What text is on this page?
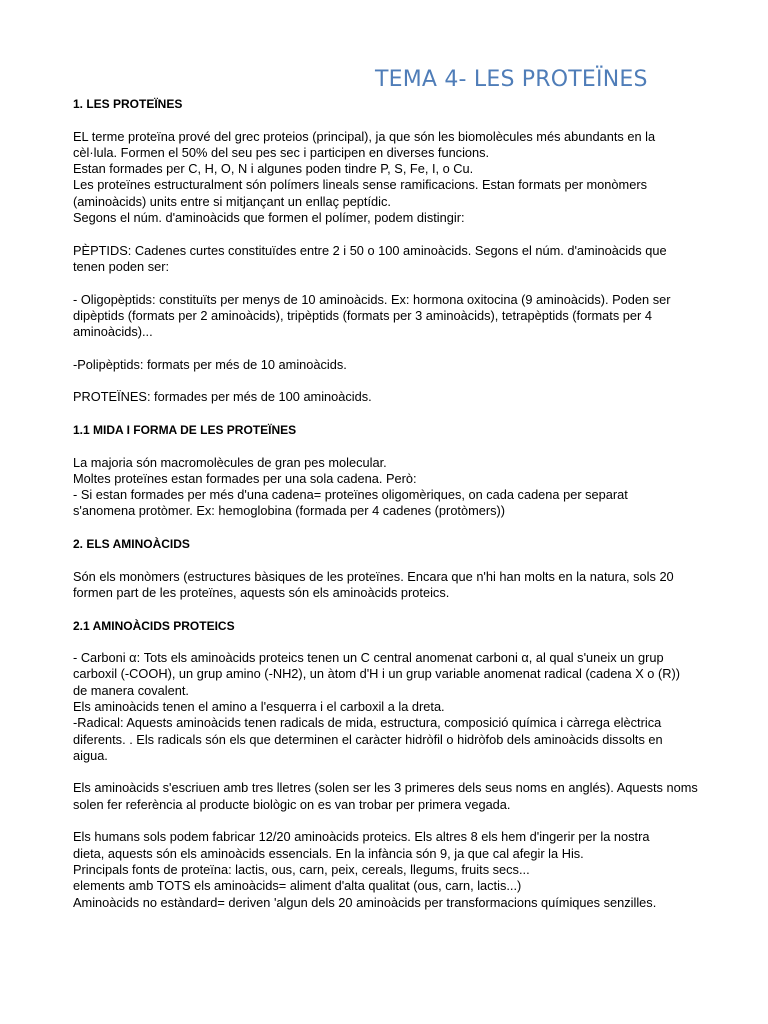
TEMA 4- LES PROTEÏNES
1. LES PROTEÏNES
EL terme proteïna prové del grec proteios (principal), ja que són les biomolècules més abundants en la
cèl·lula. Formen el 50% del seu pes sec i participen en diverses funcions.
Estan formades per C, H, O, N i algunes poden tindre P, S, Fe, I, o Cu.
Les proteïnes estructuralment són polímers lineals sense ramificacions. Estan formats per monòmers
(aminoàcids) units entre si mitjançant un enllaç peptídic.
Segons el núm. d'aminoàcids que formen el polímer, podem distingir:
PÈPTIDS: Cadenes curtes constituïdes entre 2 i 50 o 100 aminoàcids. Segons el núm. d'aminoàcids que
tenen poden ser:
- Oligopèptids: constituïts per menys de 10 aminoàcids. Ex: hormona oxitocina (9 aminoàcids). Poden ser
dipèptids (formats per 2 aminoàcids), tripèptids (formats per 3 aminoàcids), tetrapèptids (formats per 4
aminoàcids)...
-Polipèptids: formats per més de 10 aminoàcids.
PROTEÏNES: formades per més de 100 aminoàcids.
1.1 MIDA I FORMA DE LES PROTEÏNES
La majoria són macromolècules de gran pes molecular.
Moltes proteïnes estan formades per una sola cadena. Però:
- Si estan formades per més d'una cadena= proteïnes oligomèriques, on cada cadena per separat
s'anomena protòmer. Ex: hemoglobina (formada per 4 cadenes (protòmers))
2. ELS AMINOÀCIDS
Són els monòmers (estructures bàsiques de les proteïnes. Encara que n'hi han molts en la natura, sols 20
formen part de les proteïnes, aquests són els aminoàcids proteics.
2.1 AMINOÀCIDS PROTEICS
- Carboni α: Tots els aminoàcids proteics tenen un C central anomenat carboni α, al qual s'uneix un grup
carboxil (-COOH), un grup amino (-NH2), un àtom d'H i un grup variable anomenat radical (cadena X o (R))
de manera covalent.
Els aminoàcids tenen el amino a l'esquerra i el carboxil a la dreta.
-Radical: Aquests aminoàcids tenen radicals de mida, estructura, composició química i càrrega elèctrica
diferents. . Els radicals són els que determinen el caràcter hidròfil o hidròfob dels aminoàcids dissolts en
aigua.
Els aminoàcids s'escriuen amb tres lletres (solen ser les 3 primeres dels seus noms en anglés). Aquests noms
solen fer referència al producte biològic on es van trobar per primera vegada.
Els humans sols podem fabricar 12/20 aminoàcids proteics. Els altres 8 els hem d'ingerir per la nostra
dieta, aquests són els aminoàcids essencials. En la infància són 9, ja que cal afegir la His.
Principals fonts de proteïna: lactis, ous, carn, peix, cereals, llegums, fruits secs...
elements amb TOTS els aminoàcids= aliment d'alta qualitat (ous, carn, lactis...)
Aminoàcids no estàndard= deriven 'algun dels 20 aminoàcids per transformacions químiques senzilles.
